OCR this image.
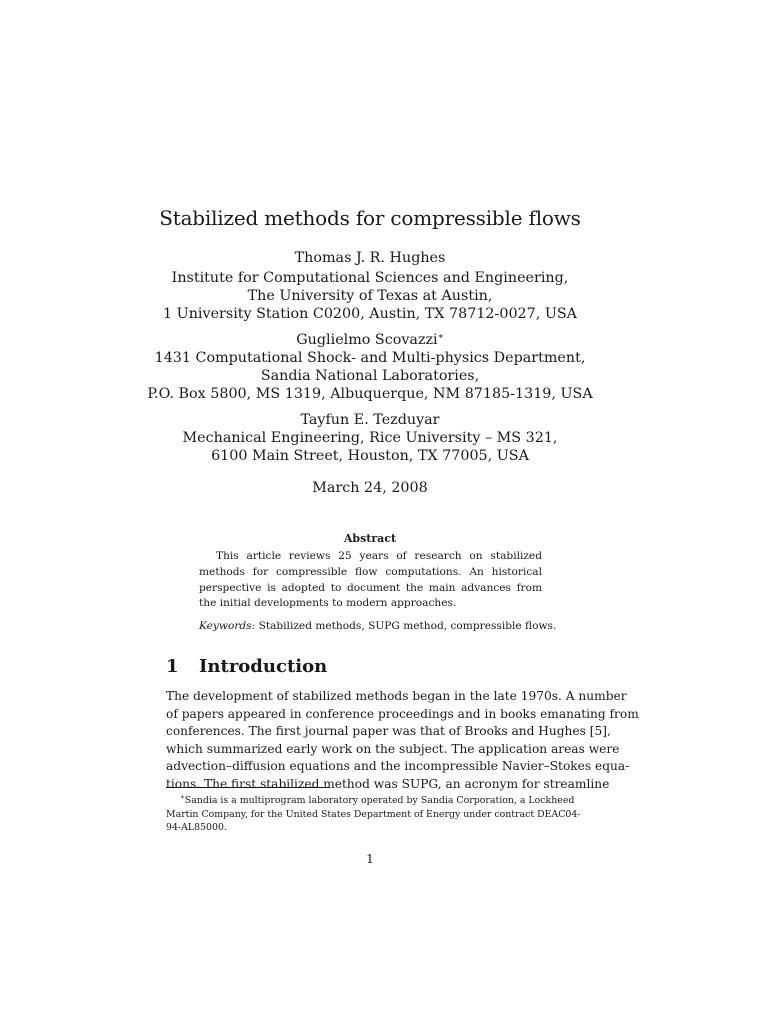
Stabilized methods for compressible flows
Thomas J. R. Hughes
Institute for Computational Sciences and Engineering,
The University of Texas at Austin,
1 University Station C0200, Austin, TX 78712-0027, USA
Guglielmo Scovazzi∗
1431 Computational Shock- and Multi-physics Department,
Sandia National Laboratories,
P.O. Box 5800, MS 1319, Albuquerque, NM 87185-1319, USA
Tayfun E. Tezduyar
Mechanical Engineering, Rice University – MS 321,
6100 Main Street, Houston, TX 77005, USA
March 24, 2008
Abstract
This article reviews 25 years of research on stabilized methods for compressible flow computations. An historical perspective is adopted to document the main advances from the initial developments to modern approaches.
Keywords: Stabilized methods, SUPG method, compressible flows.
1 Introduction
The development of stabilized methods began in the late 1970s. A number
of papers appeared in conference proceedings and in books emanating from
conferences. The first journal paper was that of Brooks and Hughes [5],
which summarized early work on the subject. The application areas were
advection–diffusion equations and the incompressible Navier–Stokes equa-
tions. The first stabilized method was SUPG, an acronym for streamline
∗Sandia is a multiprogram laboratory operated by Sandia Corporation, a Lockheed
Martin Company, for the United States Department of Energy under contract DEAC04-
94-AL85000.
1
